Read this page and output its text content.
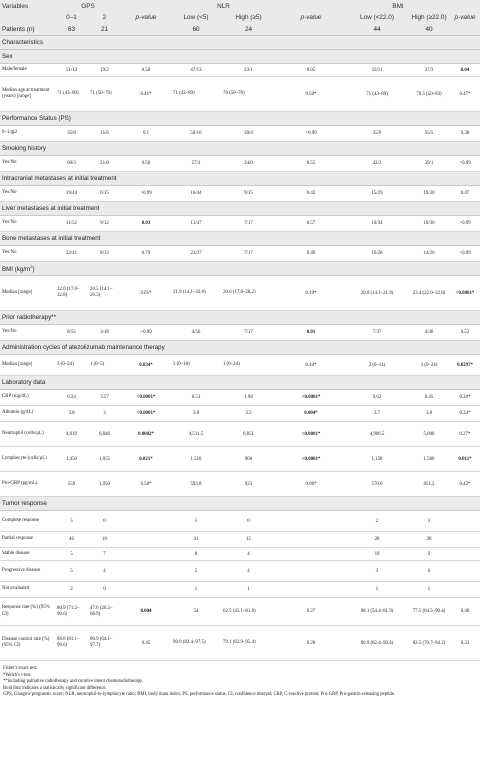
Variables	GPS			NLR			BMI		
	0–1	2	p-value	Low (<5)	High (≥5)	p-value	Low (<22.0)	High (≥22.0)	p-value
Patients (n)	63	21		60	24		44	40	
Characteristics									
Sex									
Male/female	51/12	19/2	0.50	47/13	23/1	0.05	33/11	37/3	0.04
Median age at treatment (years) [range]	71 (43–89)	71 (50–79)	0.41*	71 (43–89)	70 (50–78)	0.50*	71 (43–89)	70.5 (50–83)	0.47*
Performance Status (PS)									
0–1/≧2	35/8	15/6	0.1	50/10	20/4	>0.99	35/9	35/5	0.38
Smoking history									
Yes/No	60/3	21/0	0.56	57/3	24/0	0.55	42/2	39/1	>0.99
Intracranial metastases at initial treatment									
Yes/No	19/44	6/15	>0.99	16/44	9/15	0.42	15/29	10/30	0.47
Liver metastases at initial treatment									
Yes/No	11/52	9/12	0.03	13/47	7/17	0.57	10/34	10/30	>0.99
Bone metastases at initial treatment									
Yes/No	22/41	8/13	0.79	23/37	7/17	0.46	16/28	14/26	>0.99
BMI $(kg/m^2)$									
Median [range]	22.0 (17.0–32.8)	20.5 (14.1–26.3)	0.05*	21.9 (14.1–32.8)	20.6 (17.0–28.2)	0.19*	20.0 (14.1–21.9)	23.4 (22.0–32.8)	<0.0001*
Prior radiotherapy**									
Yes/No	8/55	3/18	>0.99	4/56	7/17	0.01	7/37	4/36	0.52
Administration cycles of atezolizumab maintenance therapy									
Median [range]	3 (0–24)	1 (0–5)	0.034*	3 (0–18)	1 (0–24)	0.44*	2 (0–11)	3 (0–24)	0.0297*
Laboratory data									
CRP (mg/dL)	0.24	3.57	<0.0001*	0.53	1.98	<0.0001*	0.62	0.45	0.20*
Albumin (g/dL)	3.8	3	<0.0001*	3.8	3.3	0.004*	3.7	3.8	0.24*
Neutrophil (cells/μL)	4,619	6,846	0.0002*	4,511.5	6,851	<0.0001*	4,906.5	5,008	0.27*
Lymphocyte (cells/μL)	1,450	1,055	0.021*	1,510	900	<0.0001*	1,158	1,500	0.011*
Pro-GRP (pg/mL)	559	1,050	0.58*	593.8	923	0.96*	570.6	851.2	0.42*
Tumor response									
Complete response	5	0		5	0		2	3	
Partial response	46	10		41	15		28	28	
Stable disease	5	7		8	4		10	2	
Progressive disease	5	4		5	4		3	6	
Not evaluated	2	0		1	1		1	1	
Response rate (%) (95% CI)	80.9 (71.2–90.6)	47.6 (26.2–68.9)	0.004	54	62.5 (43.1–81.8)	0.27	68.1 (54.4–81.9)	77.5 (64.5–90.4)	0.46
Disease control rate (%) (95% CI)	88.8 (81.1–96.6)	80.9 (64.1–97.7)	0.45	90.0 (82.4–97.5)	79.1 (62.9–95.4)	0.28	90.9 (82.4–99.4)	82.5 (70.7–94.2)	0.33
Fisher's exact test.
*Welch's t-test.
**including palliative radiotherapy and curative intent chemoradiotherapy.
Bold font indicates a statistically significant difference.
GPS, Glasgow prognostic score; NLR, neutrophil-to-lymphocyte ratio; BMI, body mass index; PS, performance status; CI, confidence interval; CRP, C-reactive protein; Pro-GRP, Pro-gastrin-releasing peptide.
